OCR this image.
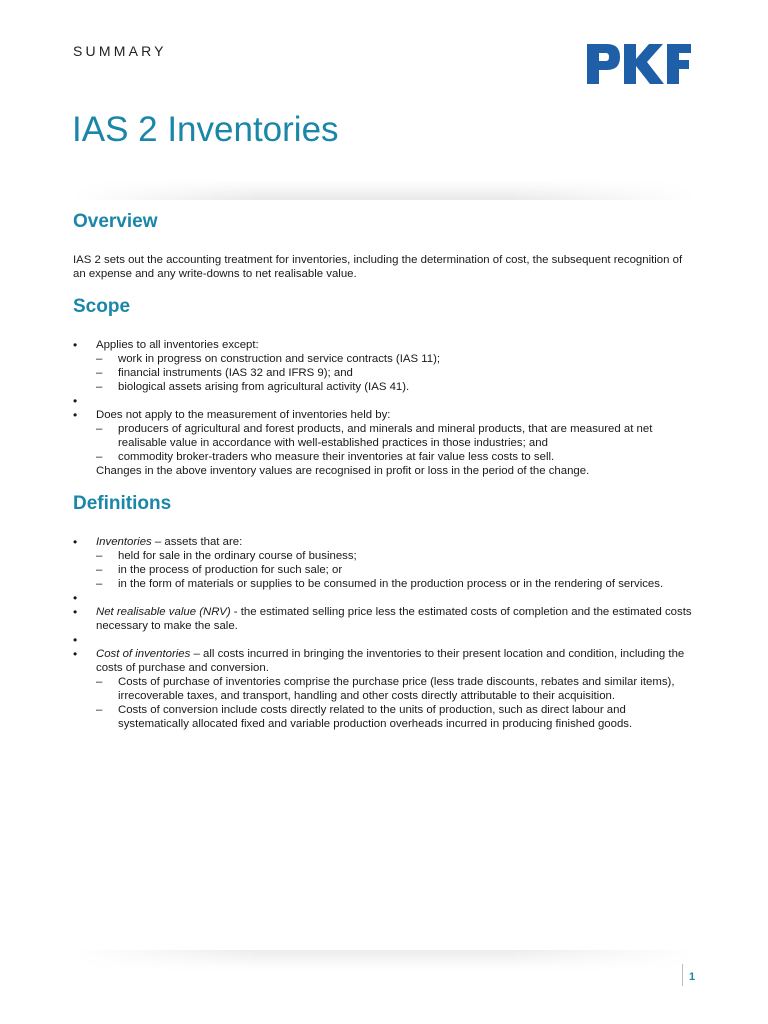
SUMMARY
IAS 2 Inventories
Overview

IAS 2 sets out the accounting treatment for inventories, including the determination of cost, the subsequent recognition of an expense and any write-downs to net realisable value.

Scope
• Applies to all inventories except:
– work in progress on construction and service contracts (IAS 11);
– financial instruments (IAS 32 and IFRS 9); and
– biological assets arising from agricultural activity (IAS 41).
•
• Does not apply to the measurement of inventories held by:
– producers of agricultural and forest products, and minerals and mineral products, that are measured at net realisable value in accordance with well-established practices in those industries; and
– commodity broker-traders who measure their inventories at fair value less costs to sell.
Changes in the above inventory values are recognised in profit or loss in the period of the change.
Definitions
• Inventories – assets that are:
– held for sale in the ordinary course of business;
– in the process of production for such sale; or
– in the form of materials or supplies to be consumed in the production process or in the rendering of services.
•
• Net realisable value (NRV) - the estimated selling price less the estimated costs of completion and the estimated costs necessary to make the sale.
•
• Cost of inventories – all costs incurred in bringing the inventories to their present location and condition, including the costs of purchase and conversion.
– Costs of purchase of inventories comprise the purchase price (less trade discounts, rebates and similar items), irrecoverable taxes, and transport, handling and other costs directly attributable to their acquisition.
– Costs of conversion include costs directly related to the units of production, such as direct labour and systematically allocated fixed and variable production overheads incurred in producing finished goods.
1
